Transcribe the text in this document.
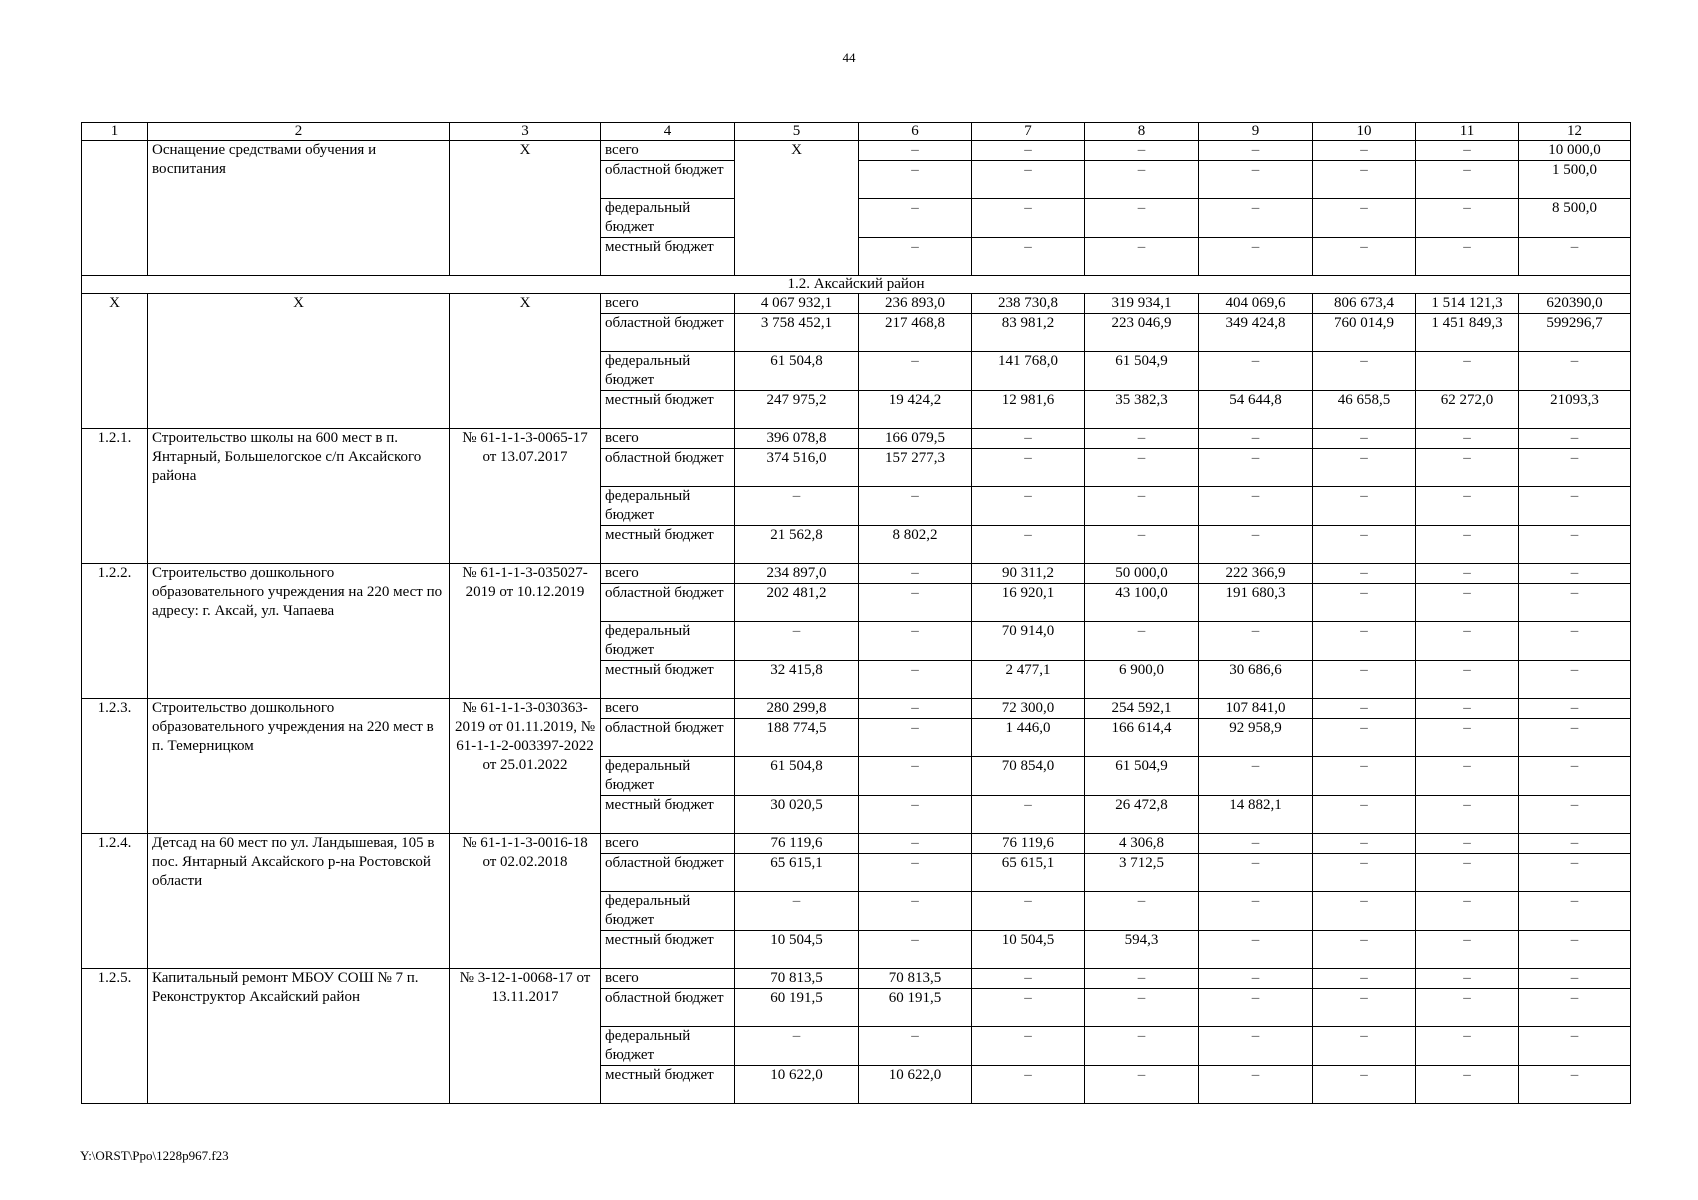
44
1	2	3	4	5	6	7	8	9	10	11	12
	Оснащение средствами обучения и воспитания	X	всего	X	–	–	–	–	–	–	10 000,0
			областной бюджет		–	–	–	–	–	–	1 500,0
			федеральный бюджет		–	–	–	–	–	–	8 500,0
			местный бюджет		–	–	–	–	–	–	–
1.2. Аксайский район											
X	X	X	всего	4 067 932,1	236 893,0	238 730,8	319 934,1	404 069,6	806 673,4	1 514 121,3	620390,0
			областной бюджет	3 758 452,1	217 468,8	83 981,2	223 046,9	349 424,8	760 014,9	1 451 849,3	599296,7
			федеральный бюджет	61 504,8	–	141 768,0	61 504,9	–	–	–	–
			местный бюджет	247 975,2	19 424,2	12 981,6	35 382,3	54 644,8	46 658,5	62 272,0	21093,3
1.2.1.	Строительство школы на 600 мест в п. Янтарный, Большелогское с/п Аксайского района	№ 61-1-1-3-0065-17 от 13.07.2017	всего	396 078,8	166 079,5	–	–	–	–	–	–
			областной бюджет	374 516,0	157 277,3	–	–	–	–	–	–
			федеральный бюджет	–	–	–	–	–	–	–	–
			местный бюджет	21 562,8	8 802,2	–	–	–	–	–	–
1.2.2.	Строительство дошкольного образовательного учреждения на 220 мест по адресу: г. Аксай, ул. Чапаева	№ 61-1-1-3-035027-2019 от 10.12.2019	всего	234 897,0	–	90 311,2	50 000,0	222 366,9	–	–	–
			областной бюджет	202 481,2	–	16 920,1	43 100,0	191 680,3	–	–	–
			федеральный бюджет	–	–	70 914,0	–	–	–	–	–
			местный бюджет	32 415,8	–	2 477,1	6 900,0	30 686,6	–	–	–
1.2.3.	Строительство дошкольного образовательного учреждения на 220 мест в п. Темерницком	№ 61-1-1-3-030363-2019 от 01.11.2019, № 61-1-1-2-003397-2022 от 25.01.2022	всего	280 299,8	–	72 300,0	254 592,1	107 841,0	–	–	–
			областной бюджет	188 774,5	–	1 446,0	166 614,4	92 958,9	–	–	–
			федеральный бюджет	61 504,8	–	70 854,0	61 504,9	–	–	–	–
			местный бюджет	30 020,5	–	–	26 472,8	14 882,1	–	–	–
1.2.4.	Детсад на 60 мест по ул. Ландышевая, 105 в пос. Янтарный Аксайского р-на Ростовской области	№ 61-1-1-3-0016-18 от 02.02.2018	всего	76 119,6	–	76 119,6	4 306,8	–	–	–	–
			областной бюджет	65 615,1	–	65 615,1	3 712,5	–	–	–	–
			федеральный бюджет	–	–	–	–	–	–	–	–
			местный бюджет	10 504,5	–	10 504,5	594,3	–	–	–	–
1.2.5.	Капитальный ремонт МБОУ СОШ № 7 п. Реконструктор Аксайский район	№ 3-12-1-0068-17 от 13.11.2017	всего	70 813,5	70 813,5	–	–	–	–	–	–
			областной бюджет	60 191,5	60 191,5	–	–	–	–	–	–
			федеральный бюджет	–	–	–	–	–	–	–	–
			местный бюджет	10 622,0	10 622,0	–	–	–	–	–	–
Y:\ORST\Ppo\1228p967.f23
